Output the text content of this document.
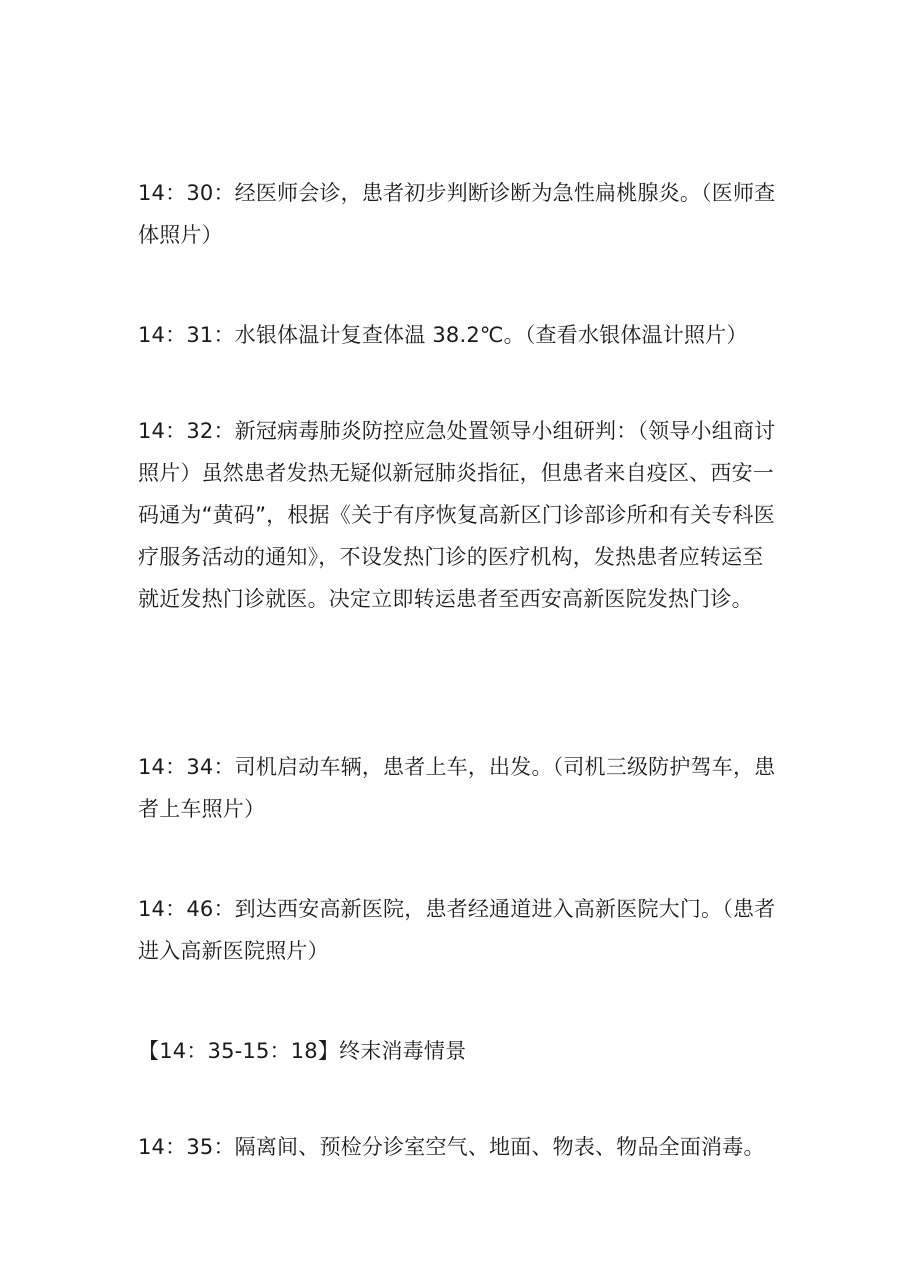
14：30：经医师会诊，患者初步判断诊断为急性扁桃腺炎。（医师查体照片）

14：31：水银体温计复查体温 38.2℃。（查看水银体温计照片）

14：32：新冠病毒肺炎防控应急处置领导小组研判：（领导小组商讨照片）虽然患者发热无疑似新冠肺炎指征，但患者来自疫区、西安一码通为“黄码”，根据《关于有序恢复高新区门诊部诊所和有关专科医疗服务活动的通知》，不设发热门诊的医疗机构，发热患者应转运至就近发热门诊就医。决定立即转运患者至西安高新医院发热门诊。

14：34：司机启动车辆，患者上车，出发。（司机三级防护驾车，患者上车照片）

14：46：到达西安高新医院，患者经通道进入高新医院大门。（患者进入高新医院照片）

【14：35-15：18】终末消毒情景

14：35：隔离间、预检分诊室空气、地面、物表、物品全面消毒。
